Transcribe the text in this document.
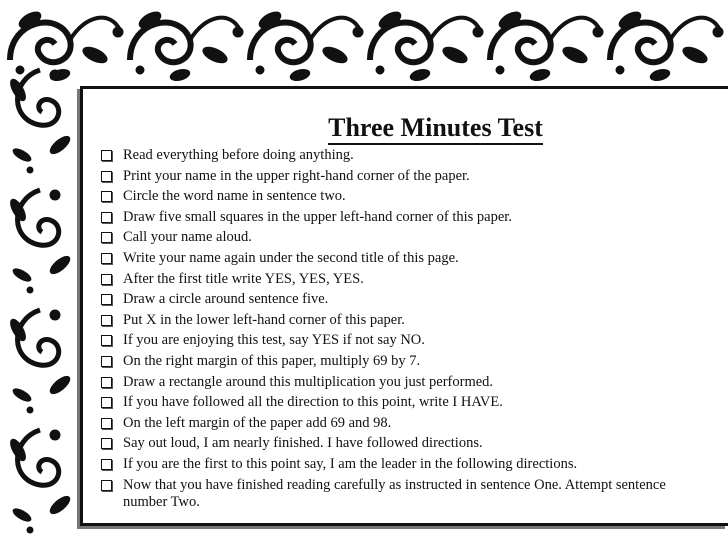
Three Minutes Test
Read everything before doing anything.
Print your name in the upper right-hand corner of the paper.
Circle the word name in sentence two.
Draw five small squares in the upper left-hand corner of this paper.
Call your name aloud.
Write your name again under the second title of this page.
After the first title write YES, YES, YES.
Draw a circle around sentence five.
Put X in the lower left-hand corner of this paper.
If you are enjoying this test, say YES if not say NO.
On the right margin of this paper, multiply 69 by 7.
Draw a rectangle around this multiplication you just performed.
If you have followed all the direction to this point, write I HAVE.
On the left margin of the paper add 69 and 98.
Say out loud, I am nearly finished. I have followed directions.
If you are the first to this point say, I am the leader in the following directions.
Now that you have finished reading carefully as instructed in sentence One. Attempt sentence number Two.
